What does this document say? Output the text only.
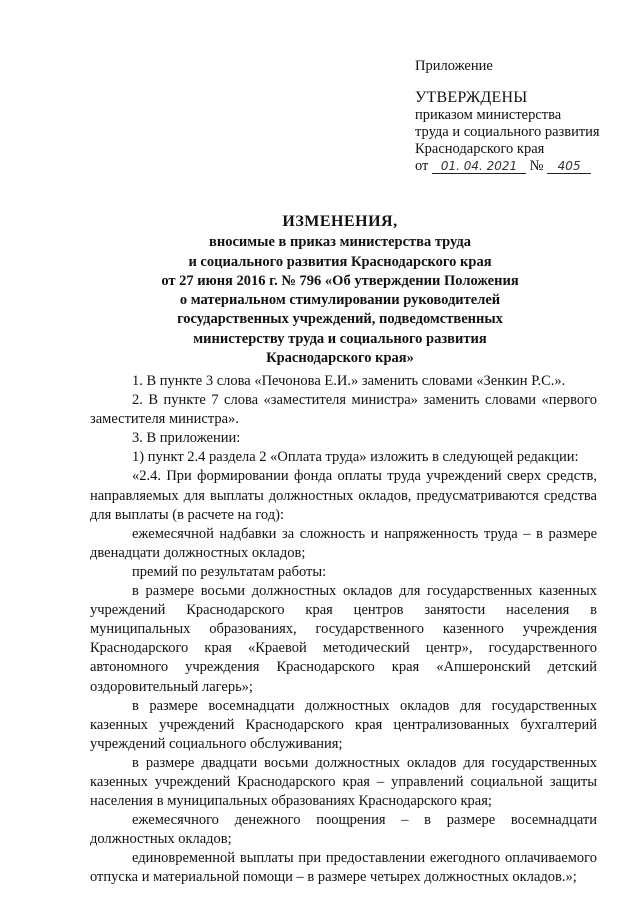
Приложение
УТВЕРЖДЕНЫ
приказом министерства
труда и социального развития
Краснодарского края
от 01. 04. 2021 № 405
ИЗМЕНЕНИЯ,
вносимые в приказ министерства труда
и социального развития Краснодарского края
от 27 июня 2016 г. № 796 «Об утверждении Положения
о материальном стимулировании руководителей
государственных учреждений, подведомственных
министерству труда и социального развития
Краснодарского края»

1. В пункте 3 слова «Печонова Е.И.» заменить словами «Зенкин Р.С.».

2. В пункте 7 слова «заместителя министра» заменить словами «первого заместителя министра».

3. В приложении:

1) пункт 2.4 раздела 2 «Оплата труда» изложить в следующей редакции:

«2.4. При формировании фонда оплаты труда учреждений сверх средств, направляемых для выплаты должностных окладов, предусматриваются средства для выплаты (в расчете на год):

ежемесячной надбавки за сложность и напряженность труда – в размере двенадцати должностных окладов;

премий по результатам работы:

в размере восьми должностных окладов для государственных казенных учреждений Краснодарского края центров занятости населения в муниципальных образованиях, государственного казенного учреждения Краснодарского края «Краевой методический центр», государственного автономного учреждения Краснодарского края «Апшеронский детский оздоровительный лагерь»;

в размере восемнадцати должностных окладов для государственных казенных учреждений Краснодарского края централизованных бухгалтерий учреждений социального обслуживания;

в размере двадцати восьми должностных окладов для государственных казенных учреждений Краснодарского края – управлений социальной защиты населения в муниципальных образованиях Краснодарского края;

ежемесячного денежного поощрения – в размере восемнадцати должностных окладов;

единовременной выплаты при предоставлении ежегодного оплачиваемого отпуска и материальной помощи – в размере четырех должностных окладов.»;
